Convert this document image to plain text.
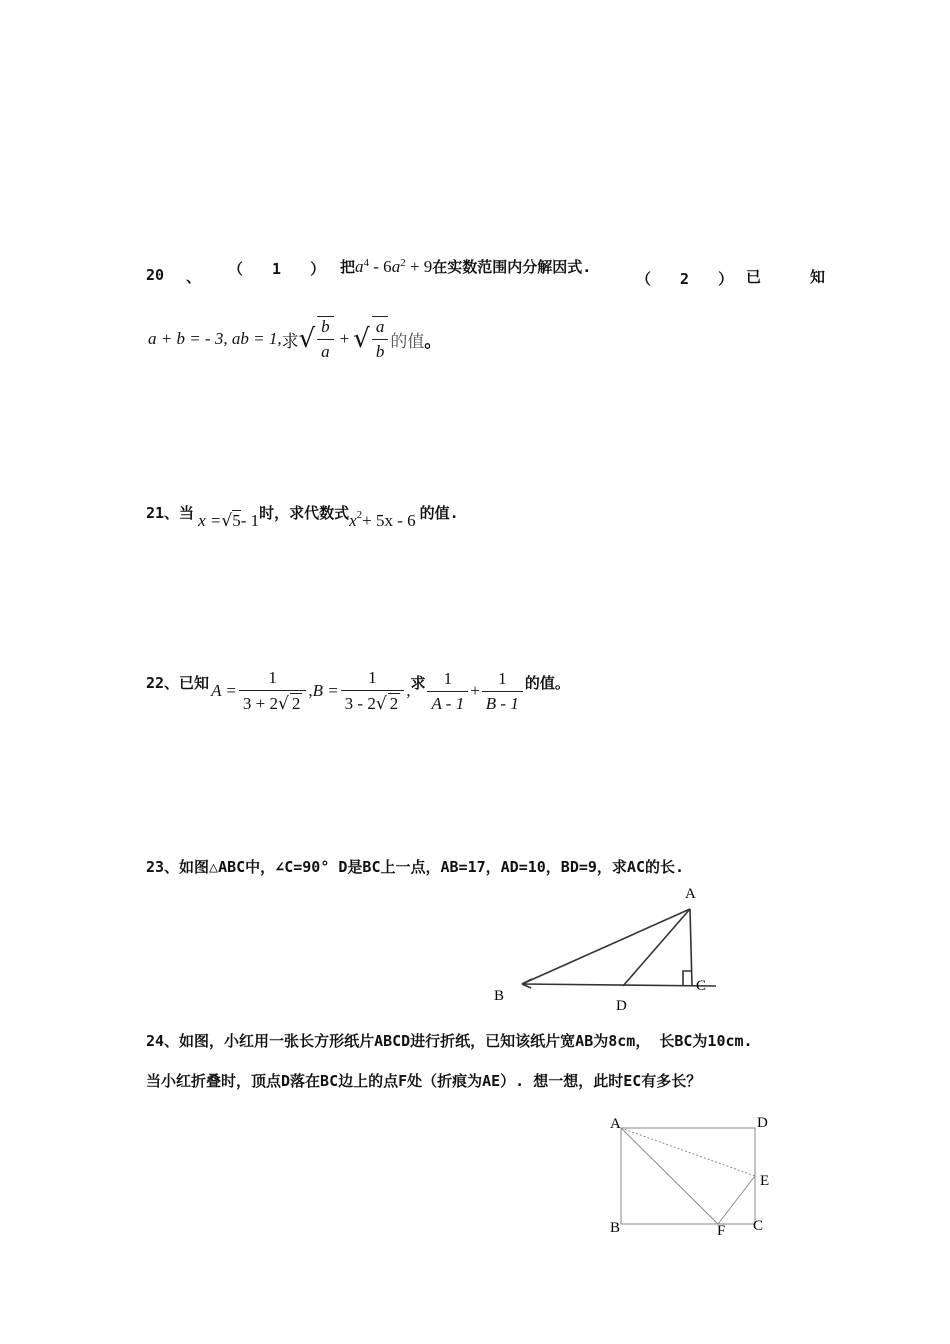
20 、 （ 1 ） 把$a^4 - 6a^2 + 9$在实数范围内分解因式.
（ 2 ） 已 知
a + b = - 3, ab = 1, 求 √ $\frac{b}{a}$ + √ $\frac{a}{b}$ 的值 。
21、当 x = √ 5 - 1 时，求代数式 $x^2 + 5x - 6$ 的值.
22、已知 $A = \frac{1}{3 + 2√ 2}$ , $B = \frac{1}{3 - 2√ 2}$ , 求 $\frac{1}{A - 1} + \frac{1}{B - 1}$ 的值。
23、如图△ABC中，∠C=90° D是BC上一点，AB=17，AD=10，BD=9，求AC的长.
A
B
C
D
24、如图，小红用一张长方形纸片ABCD进行折纸，已知该纸片宽AB为8cm， 长BC为10cm.
当小红折叠时，顶点D落在BC边上的点F处（折痕为AE）. 想一想，此时EC有多长？
A	D
E
B	F C
